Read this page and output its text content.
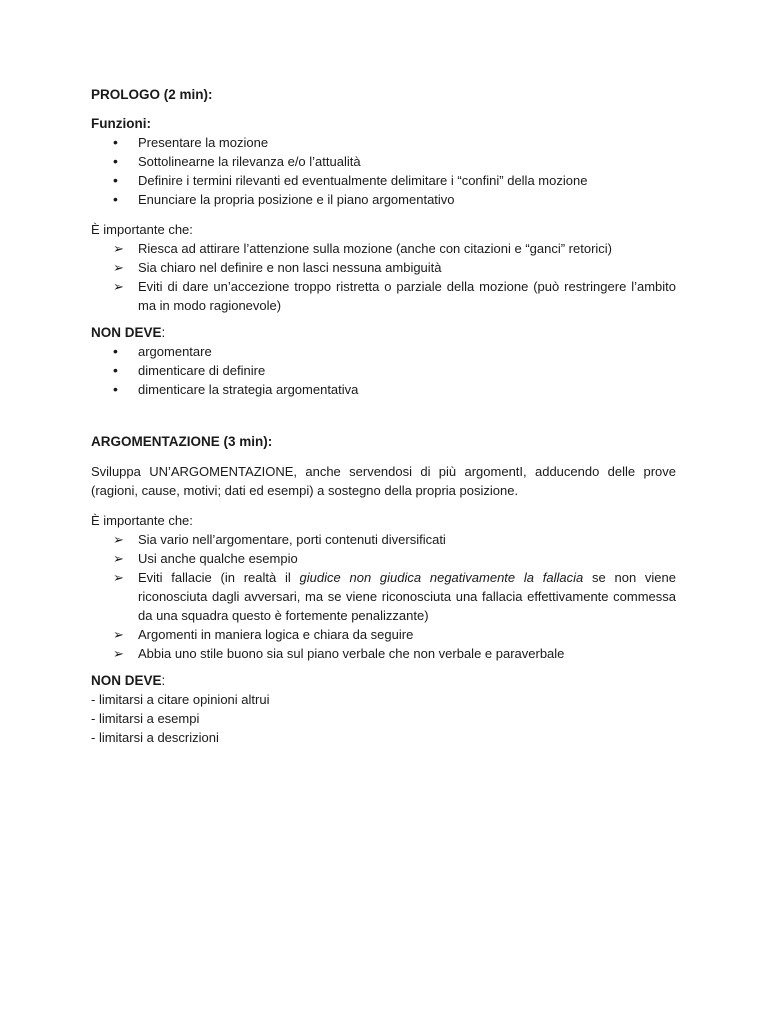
PROLOGO (2 min):

Funzioni:

•	Presentare la mozione
•	Sottolinearne la rilevanza e/o l’attualità
•	Definire i termini rilevanti ed eventualmente delimitare i “confini” della mozione
•	Enunciare la propria posizione e il piano argomentativo

È importante che:

➢ Riesca ad attirare l’attenzione sulla mozione (anche con citazioni e “ganci” retorici)
➢ Sia chiaro nel definire e non lasci nessuna ambiguità
➢ Eviti di dare un’accezione troppo ristretta o parziale della mozione (può restringere l’ambito ma in modo ragionevole)

NON DEVE:

•	argomentare
•	dimenticare di definire
•	dimenticare la strategia argomentativa

ARGOMENTAZIONE (3 min):

Sviluppa UN’ARGOMENTAZIONE, anche servendosi di più argomentI, adducendo delle prove (ragioni, cause, motivi; dati ed esempi) a sostegno della propria posizione.

È importante che:

➢ Sia vario nell’argomentare, porti contenuti diversificati
➢ Usi anche qualche esempio
➢ Eviti fallacie (in realtà il giudice non giudica negativamente la fallacia se non viene riconosciuta dagli avversari, ma se viene riconosciuta una fallacia effettivamente commessa da una squadra questo è fortemente penalizzante)
➢ Argomenti in maniera logica e chiara da seguire
➢ Abbia uno stile buono sia sul piano verbale che non verbale e paraverbale

NON DEVE:

- limitarsi a citare opinioni altrui

- limitarsi a esempi

- limitarsi a descrizioni
